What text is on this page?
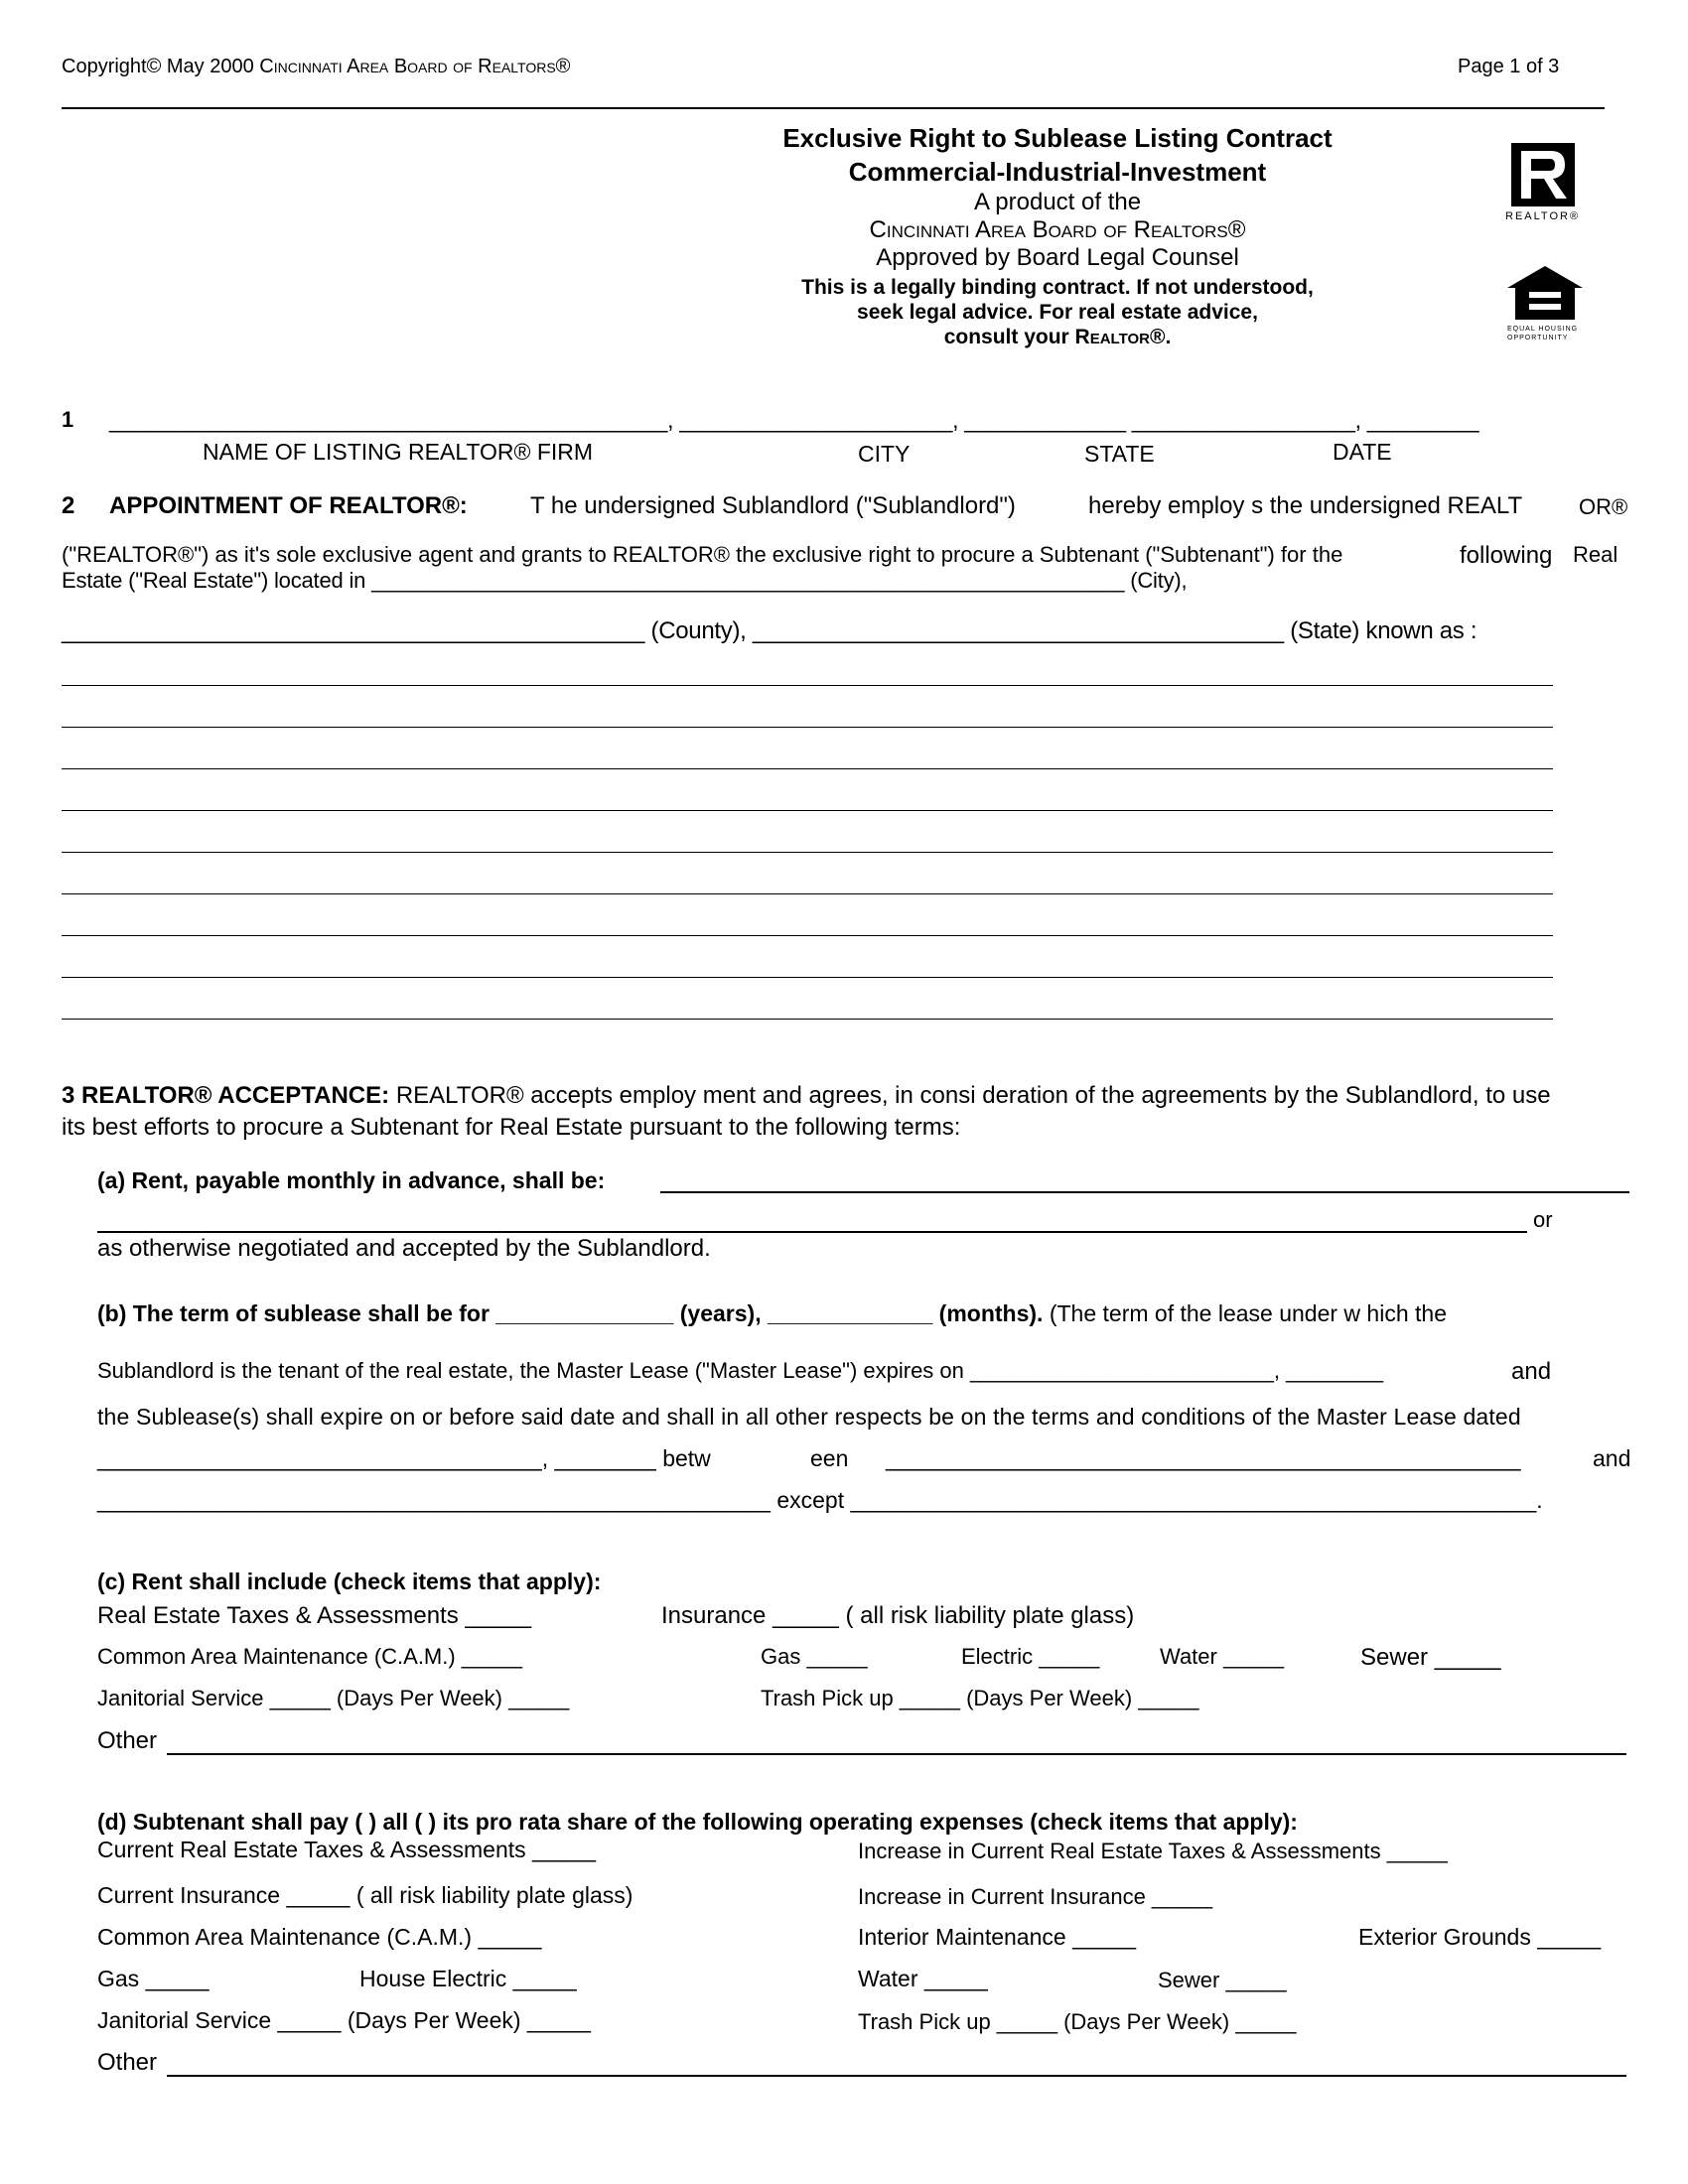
Copyright© May 2000 Cincinnati Area Board of Realtors®	Page 1 of 3
Exclusive Right to Sublease Listing Contract
Commercial-Industrial-Investment
A product of the
Cincinnati Area Board of Realtors®
Approved by Board Legal Counsel
This is a legally binding contract. If not understood,
seek legal advice. For real estate advice,
consult your Realtor®.
REALTOR®
EQUAL HOUSING
OPPORTUNITY
1 _____________________________________________, ______________________, _____________ __________________, _________
NAME OF LISTING REALTOR® FIRM	CITY	STATE	DATE
2 APPOINTMENT OF REALTOR®:	T he undersigned Sublandlord ("Sublandlord")	hereby employ s the undersigned REALT	OR®
("REALTOR®") as it's sole exclusive agent and grants to REALTOR® the exclusive right to procure a Subtenant ("Subtenant") for the	following Real
Estate ("Real Estate") located in _______________________________________________________________ (City),
_____________________________________________ (County), _________________________________________ (State) known as :
3 REALTOR® ACCEPTANCE: REALTOR® accepts employ ment and agrees, in consi deration of the agreements by the Sublandlord, to use
its best efforts to procure a Subtenant for Real Estate pursuant to the following terms:
(a) Rent, payable monthly in advance, shall be:
or
as otherwise negotiated and accepted by the Sublandlord.
(b) The term of sublease shall be for ______________ (years), _____________ (months). (The term of the lease under w hich the
Sublandlord is the tenant of the real estate, the Master Lease ("Master Lease") expires on _________________________, ________	and
the Sublease(s) shall expire on or before said date and shall in all other respects be on the terms and conditions of the Master Lease dated
___________________________________, ________ betw	een __________________________________________________	and
_____________________________________________________ except ______________________________________________________.
(c) Rent shall include (check items that apply):
Real Estate Taxes & Assessments _____	Insurance _____ ( all risk liability plate glass)
Common Area Maintenance (C.A.M.) _____	Gas _____	Electric _____	Water _____	Sewer _____
Janitorial Service _____ (Days Per Week) _____	Trash Pick up _____ (Days Per Week) _____
Other
(d) Subtenant shall pay ( ) all ( ) its pro rata share of the following operating expenses (check items that apply):
Current Real Estate Taxes & Assessments _____	Increase in Current Real Estate Taxes & Assessments _____
Current Insurance _____ ( all risk liability plate glass)	Increase in Current Insurance _____
Common Area Maintenance (C.A.M.) _____	Interior Maintenance _____	Exterior Grounds _____
Gas _____	House Electric _____	Water _____	Sewer _____
Janitorial Service _____ (Days Per Week) _____	Trash Pick up _____ (Days Per Week) _____
Other
